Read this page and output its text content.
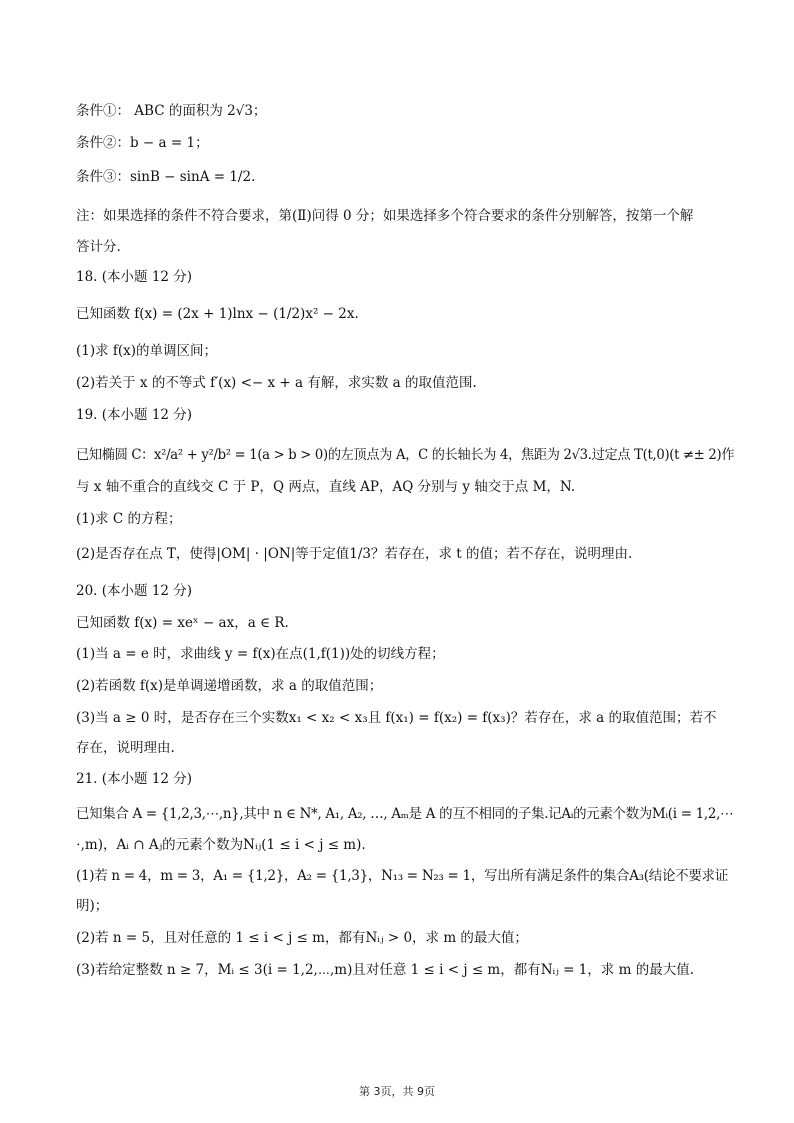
条件①： ABC 的面积为 2√3；
条件②：b − a = 1；
条件③：sinB − sinA = 1/2.
注：如果选择的条件不符合要求，第(Ⅱ)问得 0 分；如果选择多个符合要求的条件分别解答，按第一个解
答计分.
18. (本小题 12 分)
已知函数 f(x) = (2x + 1)lnx − (1/2)x² − 2x.
(1)求 f(x)的单调区间；
(2)若关于 x 的不等式 f′(x) <− x + a 有解，求实数 a 的取值范围.
19. (本小题 12 分)
已知椭圆 C：x²/a² + y²/b² = 1(a > b > 0)的左顶点为 A，C 的长轴长为 4，焦距为 2√3.过定点 T(t,0)(t ≠± 2)作
与 x 轴不重合的直线交 C 于 P，Q 两点，直线 AP，AQ 分别与 y 轴交于点 M，N.
(1)求 C 的方程；
(2)是否存在点 T，使得|OM| · |ON|等于定值1/3？若存在，求 t 的值；若不存在，说明理由.
20. (本小题 12 分)
已知函数 f(x) = xeˣ − ax，a ∈ R.
(1)当 a = e 时，求曲线 y = f(x)在点(1,f(1))处的切线方程；
(2)若函数 f(x)是单调递增函数，求 a 的取值范围；
(3)当 a ≥ 0 时，是否存在三个实数x₁ < x₂ < x₃且 f(x₁) = f(x₂) = f(x₃)？若存在，求 a 的取值范围；若不
存在，说明理由.
21. (本小题 12 分)
已知集合 A = {1,2,3,⋯,n},其中 n ∈ N*, A₁, A₂, …, Aₘ是 A 的互不相同的子集.记Aᵢ的元素个数为Mᵢ(i = 1,2,⋯
⋅,m)，Aᵢ ∩ Aⱼ的元素个数为Nᵢⱼ(1 ≤ i < j ≤ m).
(1)若 n = 4，m = 3，A₁ = {1,2}，A₂ = {1,3}，N₁₃ = N₂₃ = 1，写出所有满足条件的集合A₃(结论不要求证
明)；
(2)若 n = 5，且对任意的 1 ≤ i < j ≤ m，都有Nᵢⱼ > 0，求 m 的最大值；
(3)若给定整数 n ≥ 7，Mᵢ ≤ 3(i = 1,2,⋯,m)且对任意 1 ≤ i < j ≤ m，都有Nᵢⱼ = 1，求 m 的最大值.
第 3页，共 9页
